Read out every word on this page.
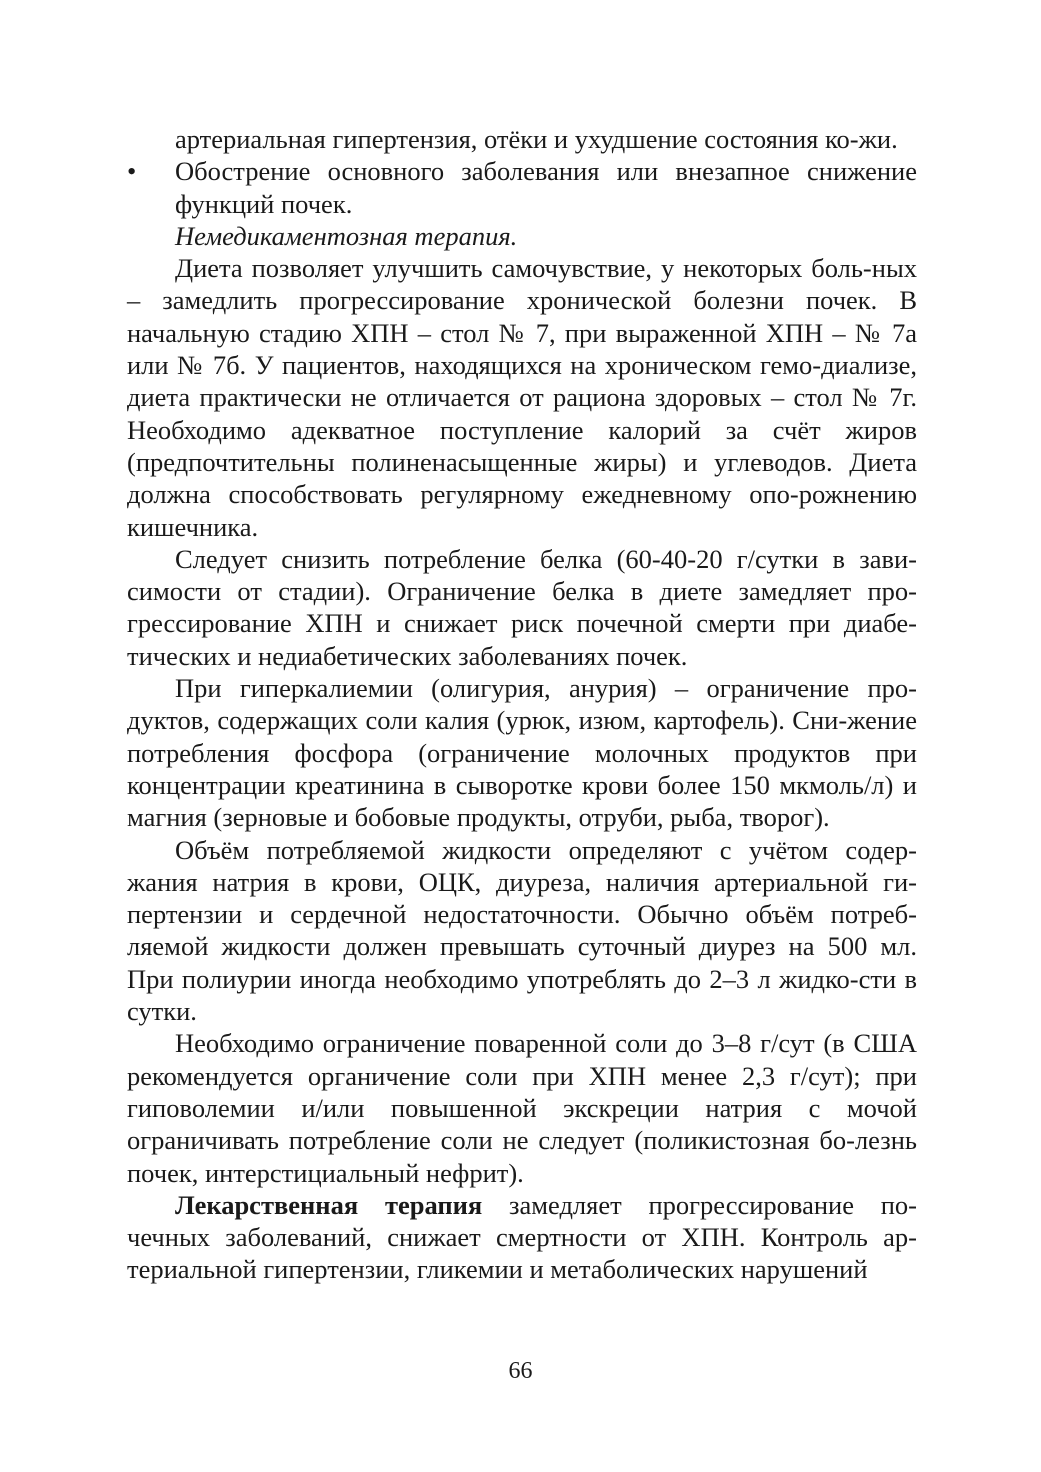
артериальная гипертензия, отёки и ухудшение состояния ко-жи.

• Обострение основного заболевания или внезапное снижение функций почек.

Немедикаментозная терапия.

Диета позволяет улучшить самочувствие, у некоторых боль-ных – замедлить прогрессирование хронической болезни почек. В начальную стадию ХПН – стол № 7, при выраженной ХПН – № 7а или № 7б. У пациентов, находящихся на хроническом гемо-диализе, диета практически не отличается от рациона здоровых – стол № 7г. Необходимо адекватное поступление калорий за счёт жиров (предпочтительны полиненасыщенные жиры) и углеводов. Диета должна способствовать регулярному ежедневному опо-рожнению кишечника.

Следует снизить потребление белка (60-40-20 г/сутки в зави-симости от стадии). Ограничение белка в диете замедляет про-грессирование ХПН и снижает риск почечной смерти при диабе-тических и недиабетических заболеваниях почек.

При гиперкалиемии (олигурия, анурия) – ограничение про-дуктов, содержащих соли калия (урюк, изюм, картофель). Сни-жение потребления фосфора (ограничение молочных продуктов при концентрации креатинина в сыворотке крови более 150 мкмоль/л) и магния (зерновые и бобовые продукты, отруби, рыба, творог).

Объём потребляемой жидкости определяют с учётом содер-жания натрия в крови, ОЦК, диуреза, наличия артериальной ги-пертензии и сердечной недостаточности. Обычно объём потреб-ляемой жидкости должен превышать суточный диурез на 500 мл. При полиурии иногда необходимо употреблять до 2–3 л жидко-сти в сутки.

Необходимо ограничение поваренной соли до 3–8 г/сут (в США рекомендуется органичение соли при ХПН менее 2,3 г/сут); при гиповолемии и/или повышенной экскреции натрия с мочой ограничивать потребление соли не следует (поликистозная бо-лезнь почек, интерстициальный нефрит).

Лекарственная терапия замедляет прогрессирование по-чечных заболеваний, снижает смертности от ХПН. Контроль ар-териальной гипертензии, гликемии и метаболических нарушений

66
